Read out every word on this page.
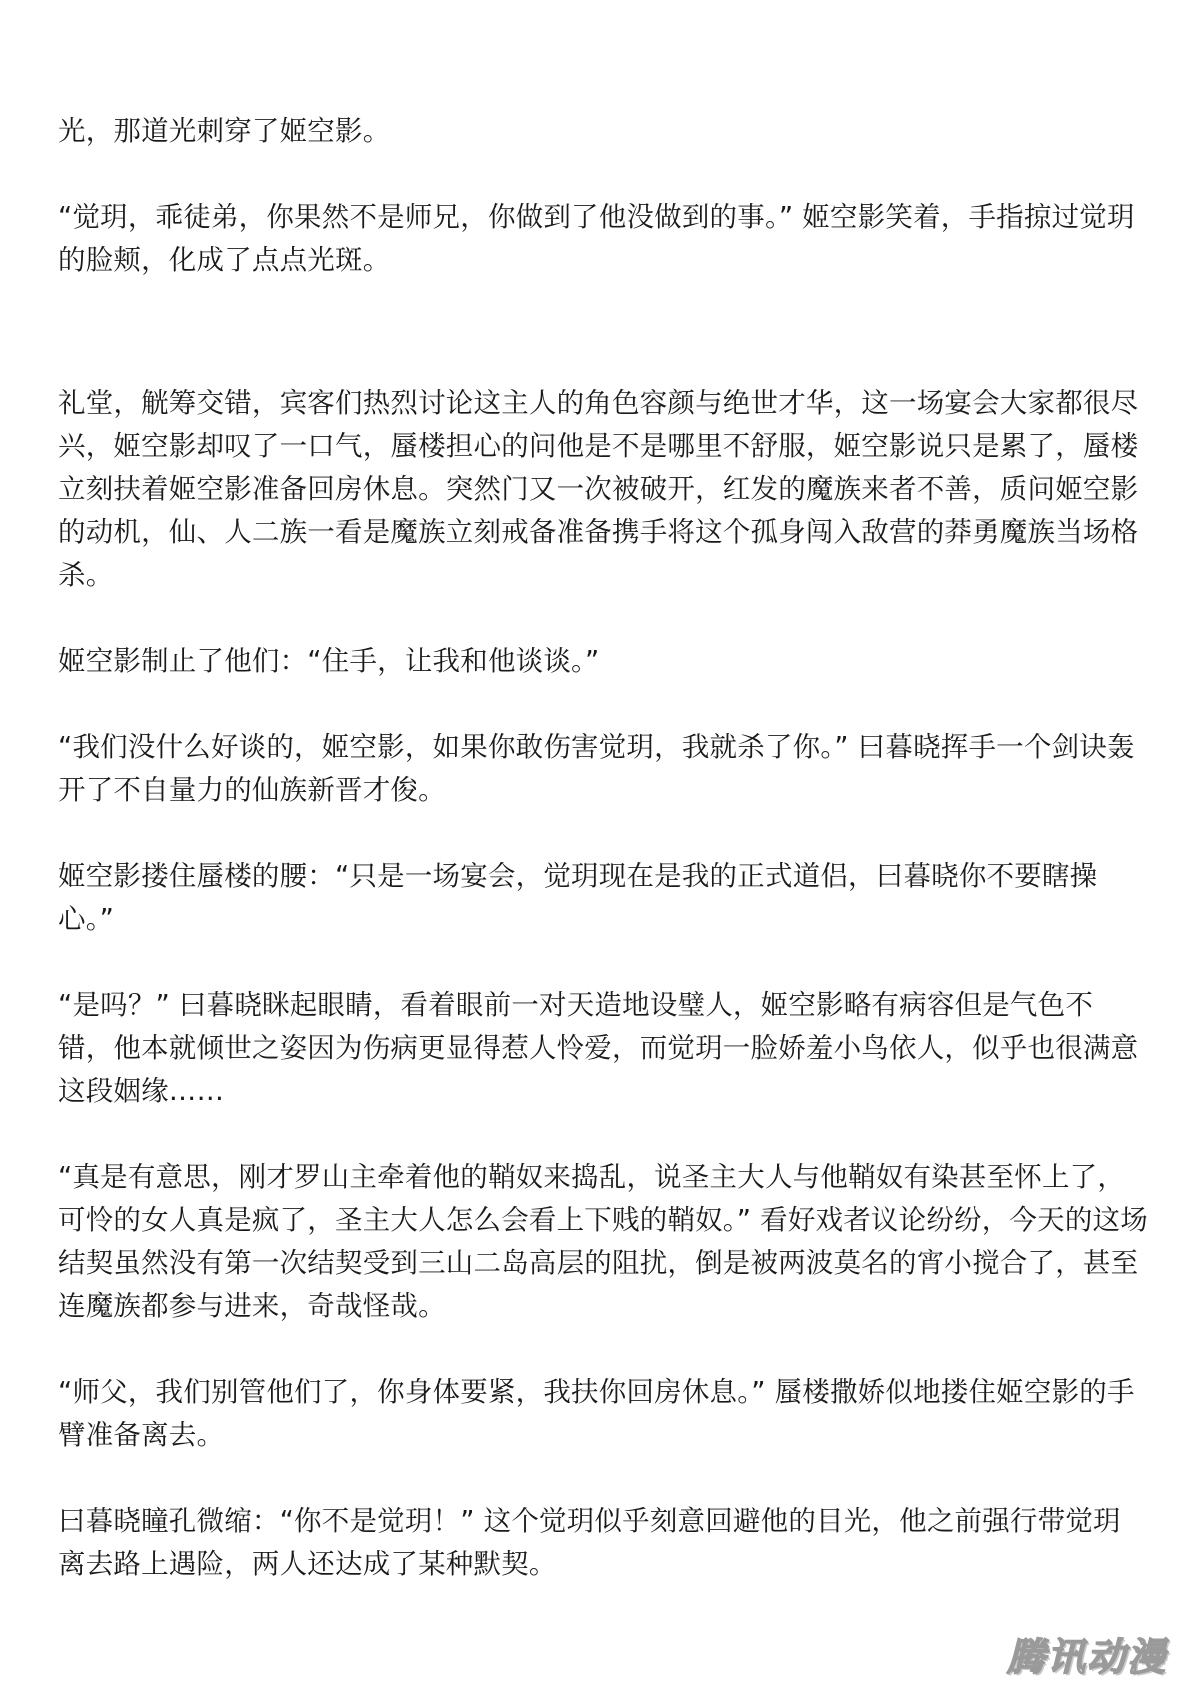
光，那道光刺穿了姬空影。

“觉玥，乖徒弟，你果然不是师兄，你做到了他没做到的事。” 姬空影笑着，手指掠过觉玥的脸颊，化成了点点光斑。

礼堂，觥筹交错，宾客们热烈讨论这主人的角色容颜与绝世才华，这一场宴会大家都很尽兴，姬空影却叹了一口气，蜃楼担心的问他是不是哪里不舒服，姬空影说只是累了，蜃楼立刻扶着姬空影准备回房休息。突然门又一次被破开，红发的魔族来者不善，质问姬空影的动机，仙、人二族一看是魔族立刻戒备准备携手将这个孤身闯入敌营的莽勇魔族当场格杀。

姬空影制止了他们：“住手，让我和他谈谈。”

“我们没什么好谈的，姬空影，如果你敢伤害觉玥，我就杀了你。” 曰暮晓挥手一个剑诀轰开了不自量力的仙族新晋才俊。

姬空影搂住蜃楼的腰：“只是一场宴会，觉玥现在是我的正式道侣，曰暮晓你不要瞎操心。”

“是吗？” 曰暮晓眯起眼睛，看着眼前一对天造地设璧人，姬空影略有病容但是气色不错，他本就倾世之姿因为伤病更显得惹人怜爱，而觉玥一脸娇羞小鸟依人，似乎也很满意这段姻缘……

“真是有意思，刚才罗山主牵着他的鞘奴来捣乱，说圣主大人与他鞘奴有染甚至怀上了，可怜的女人真是疯了，圣主大人怎么会看上下贱的鞘奴。” 看好戏者议论纷纷，今天的这场结契虽然没有第一次结契受到三山二岛高层的阻扰，倒是被两波莫名的宵小搅合了，甚至连魔族都参与进来，奇哉怪哉。

“师父，我们别管他们了，你身体要紧，我扶你回房休息。” 蜃楼撒娇似地搂住姬空影的手臂准备离去。

曰暮晓瞳孔微缩：“你不是觉玥！” 这个觉玥似乎刻意回避他的目光，他之前强行带觉玥离去路上遇险，两人还达成了某种默契。

腾讯动漫
